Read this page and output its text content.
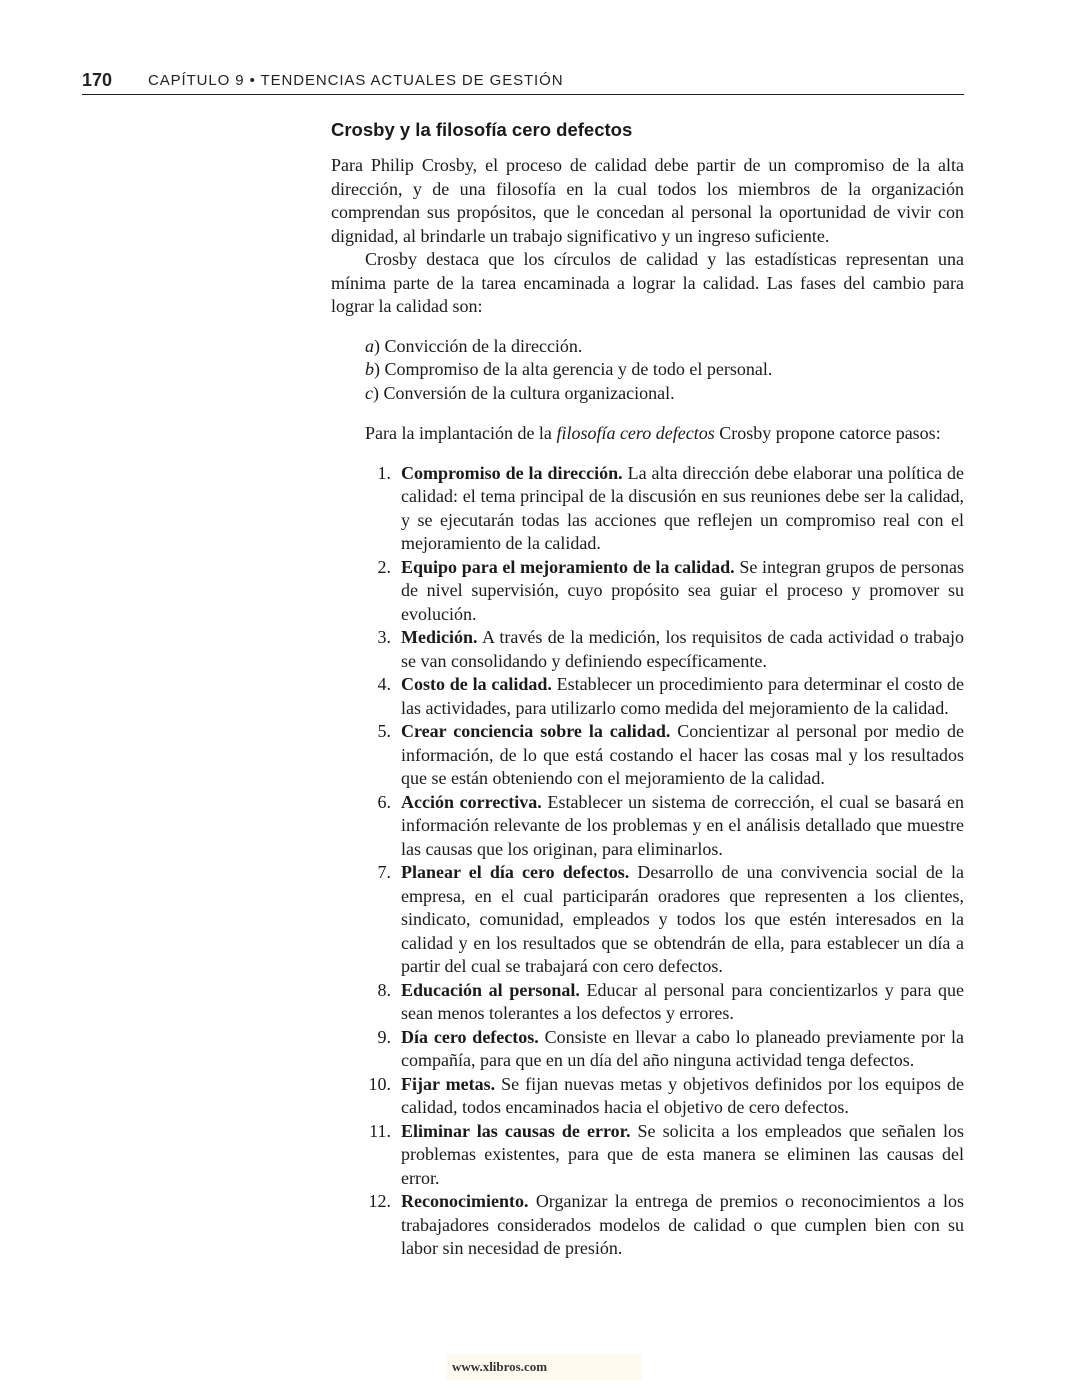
170 CAPÍTULO 9 • TENDENCIAS ACTUALES DE GESTIÓN
Crosby y la filosofía cero defectos

Para Philip Crosby, el proceso de calidad debe partir de un compromiso de la alta dirección, y de una filosofía en la cual todos los miembros de la organización comprendan sus propósitos, que le concedan al personal la oportunidad de vivir con dignidad, al brindarle un trabajo significativo y un ingreso suficiente.

Crosby destaca que los círculos de calidad y las estadísticas representan una mínima parte de la tarea encaminada a lograr la calidad. Las fases del cambio para lograr la calidad son:

a) Convicción de la dirección.
b) Compromiso de la alta gerencia y de todo el personal.
c) Conversión de la cultura organizacional.

Para la implantación de la filosofía cero defectos Crosby propone catorce pasos:

1. Compromiso de la dirección. La alta dirección debe elaborar una política de calidad: el tema principal de la discusión en sus reuniones debe ser la calidad, y se ejecutarán todas las acciones que reflejen un compromiso real con el mejoramiento de la calidad.
2. Equipo para el mejoramiento de la calidad. Se integran grupos de personas de nivel supervisión, cuyo propósito sea guiar el proceso y promover su evolución.
3. Medición. A través de la medición, los requisitos de cada actividad o trabajo se van consolidando y definiendo específicamente.
4. Costo de la calidad. Establecer un procedimiento para determinar el costo de las actividades, para utilizarlo como medida del mejoramiento de la calidad.
5. Crear conciencia sobre la calidad. Concientizar al personal por medio de información, de lo que está costando el hacer las cosas mal y los resultados que se están obteniendo con el mejoramiento de la calidad.
6. Acción correctiva. Establecer un sistema de corrección, el cual se basará en información relevante de los problemas y en el análisis detallado que muestre las causas que los originan, para eliminarlos.
7. Planear el día cero defectos. Desarrollo de una convivencia social de la empresa, en el cual participarán oradores que representen a los clientes, sindicato, comunidad, empleados y todos los que estén interesados en la calidad y en los resultados que se obtendrán de ella, para establecer un día a partir del cual se trabajará con cero defectos.
8. Educación al personal. Educar al personal para concientizarlos y para que sean menos tolerantes a los defectos y errores.
9. Día cero defectos. Consiste en llevar a cabo lo planeado previamente por la compañía, para que en un día del año ninguna actividad tenga defectos.
10. Fijar metas. Se fijan nuevas metas y objetivos definidos por los equipos de calidad, todos encaminados hacia el objetivo de cero defectos.
11. Eliminar las causas de error. Se solicita a los empleados que señalen los problemas existentes, para que de esta manera se eliminen las causas del error.
12. Reconocimiento. Organizar la entrega de premios o reconocimientos a los trabajadores considerados modelos de calidad o que cumplen bien con su labor sin necesidad de presión.
www.xlibros.com
